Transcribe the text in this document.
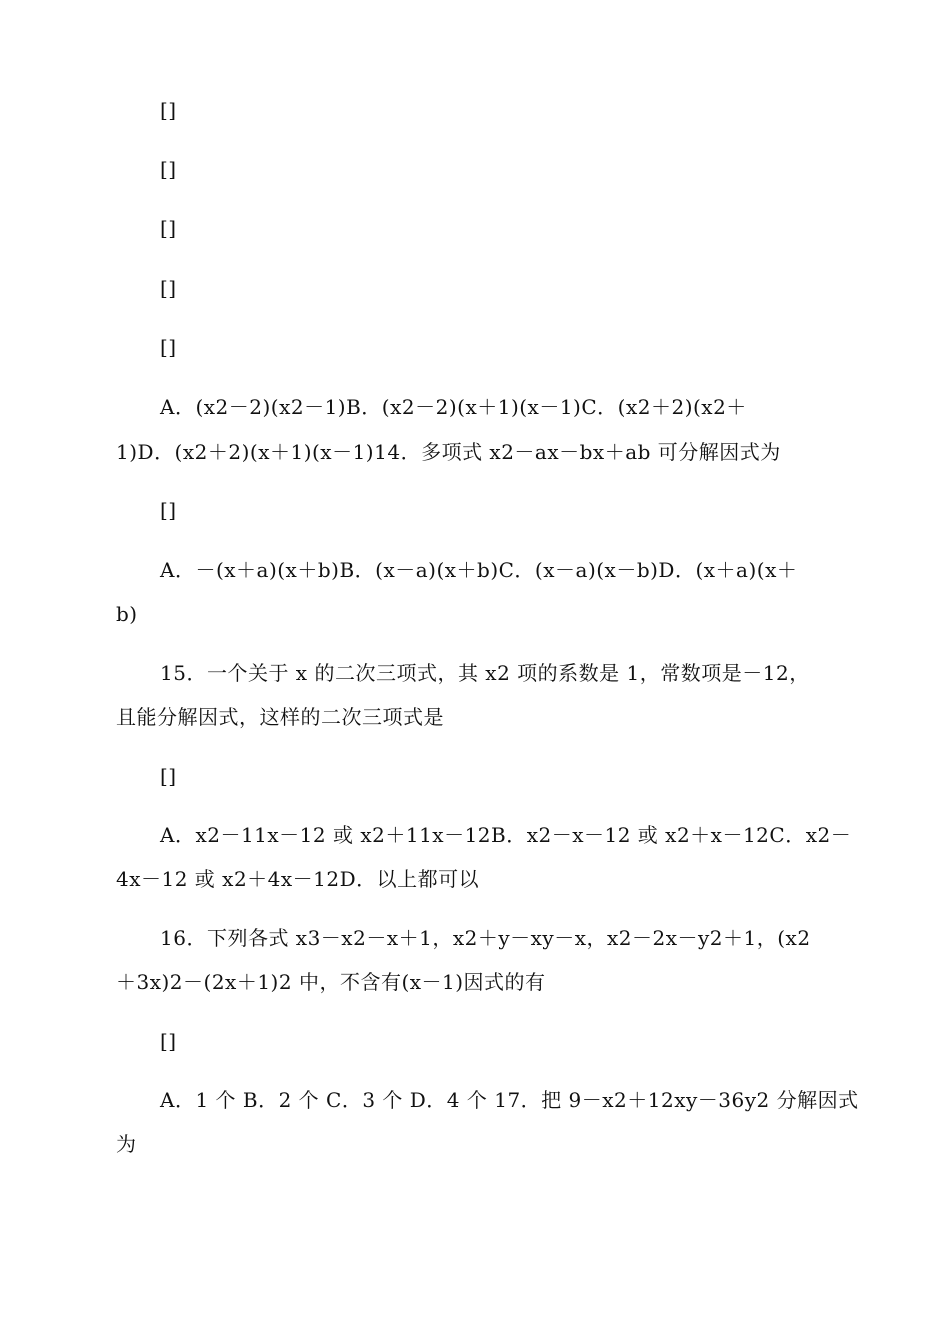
[]
[]
[]
[]
[]
A．(x2－2)(x2－1)B．(x2－2)(x＋1)(x－1)C．(x2＋2)(x2＋
1)D．(x2＋2)(x＋1)(x－1)14．多项式 x2－ax－bx＋ab 可分解因式为
[]
A．－(x＋a)(x＋b)B．(x－a)(x＋b)C．(x－a)(x－b)D．(x＋a)(x＋
b)
15．一个关于 x 的二次三项式，其 x2 项的系数是 1，常数项是－12，
且能分解因式，这样的二次三项式是
[]
A．x2－11x－12 或 x2＋11x－12B．x2－x－12 或 x2＋x－12C．x2－
4x－12 或 x2＋4x－12D．以上都可以
16．下列各式 x3－x2－x＋1，x2＋y－xy－x，x2－2x－y2＋1，(x2
＋3x)2－(2x＋1)2 中，不含有(x－1)因式的有
[]
A．1 个 B．2 个 C．3 个 D．4 个 17．把 9－x2＋12xy－36y2 分解因式
为
